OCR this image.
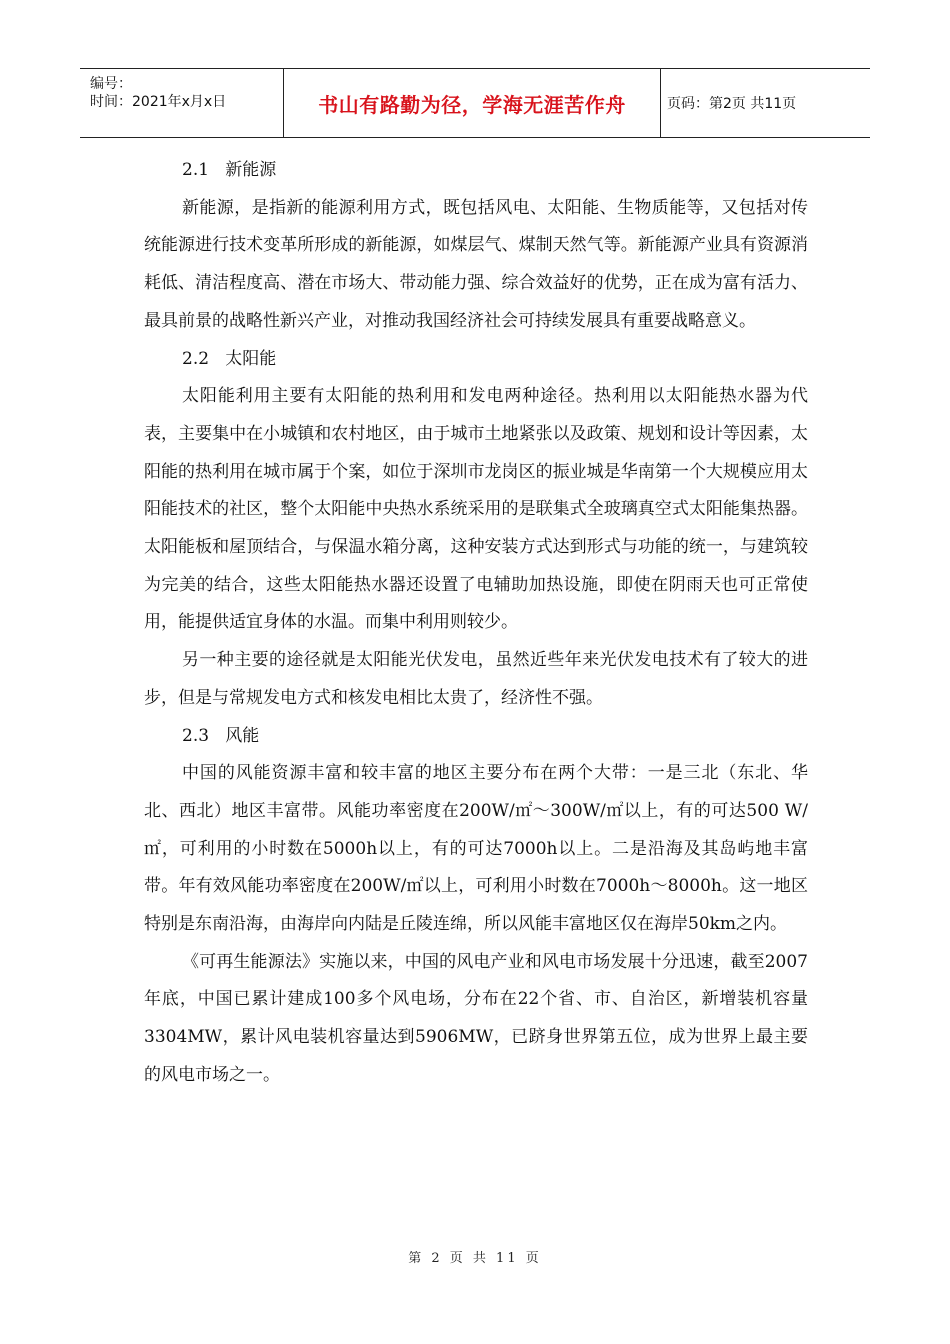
编号：
时间：2021年x月x日	书山有路勤为径，学海无涯苦作舟	页码：第2页 共11页

2.1   新能源

新能源，是指新的能源利用方式，既包括风电、太阳能、生物质能等，又包括对传统能源进行技术变革所形成的新能源，如煤层气、煤制天然气等。新能源产业具有资源消耗低、清洁程度高、潜在市场大、带动能力强、综合效益好的优势，正在成为富有活力、最具前景的战略性新兴产业，对推动我国经济社会可持续发展具有重要战略意义。

2.2   太阳能

太阳能利用主要有太阳能的热利用和发电两种途径。热利用以太阳能热水器为代表，主要集中在小城镇和农村地区，由于城市土地紧张以及政策、规划和设计等因素，太阳能的热利用在城市属于个案，如位于深圳市龙岗区的振业城是华南第一个大规模应用太阳能技术的社区，整个太阳能中央热水系统采用的是联集式全玻璃真空式太阳能集热器。太阳能板和屋顶结合，与保温水箱分离，这种安装方式达到形式与功能的统一，与建筑较为完美的结合，这些太阳能热水器还设置了电辅助加热设施，即使在阴雨天也可正常使用，能提供适宜身体的水温。而集中利用则较少。

另一种主要的途径就是太阳能光伏发电，虽然近些年来光伏发电技术有了较大的进步，但是与常规发电方式和核发电相比太贵了，经济性不强。

2.3   风能

中国的风能资源丰富和较丰富的地区主要分布在两个大带：一是三北（东北、华北、西北）地区丰富带。风能功率密度在200W/㎡～300W/㎡以上，有的可达500 W/㎡，可利用的小时数在5000h以上，有的可达7000h以上。二是沿海及其岛屿地丰富带。年有效风能功率密度在200W/㎡以上，可利用小时数在7000h～8000h。这一地区特别是东南沿海，由海岸向内陆是丘陵连绵，所以风能丰富地区仅在海岸50km之内。

《可再生能源法》实施以来，中国的风电产业和风电市场发展十分迅速，截至2007年底，中国已累计建成100多个风电场，分布在22个省、市、自治区，新增装机容量3304MW，累计风电装机容量达到5906MW，已跻身世界第五位，成为世界上最主要的风电市场之一。

第 2 页 共 11 页
